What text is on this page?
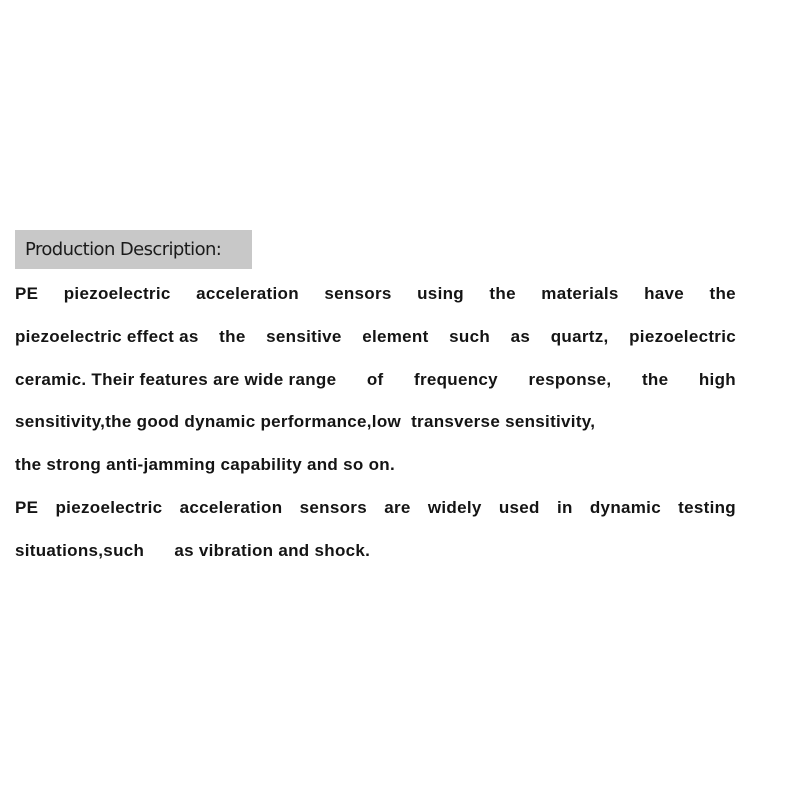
Production Description:
PE piezoelectric acceleration sensors using the materials have the
piezoelectric effect as the sensitive element such as quartz, piezoelectric
ceramic. Their features are wide range of frequency response, the high
sensitivity,the good dynamic performance,low  transverse sensitivity,
the strong anti-jamming capability and so on.
PE piezoelectric acceleration sensors are widely used in dynamic testing
situations,such      as vibration and shock.
